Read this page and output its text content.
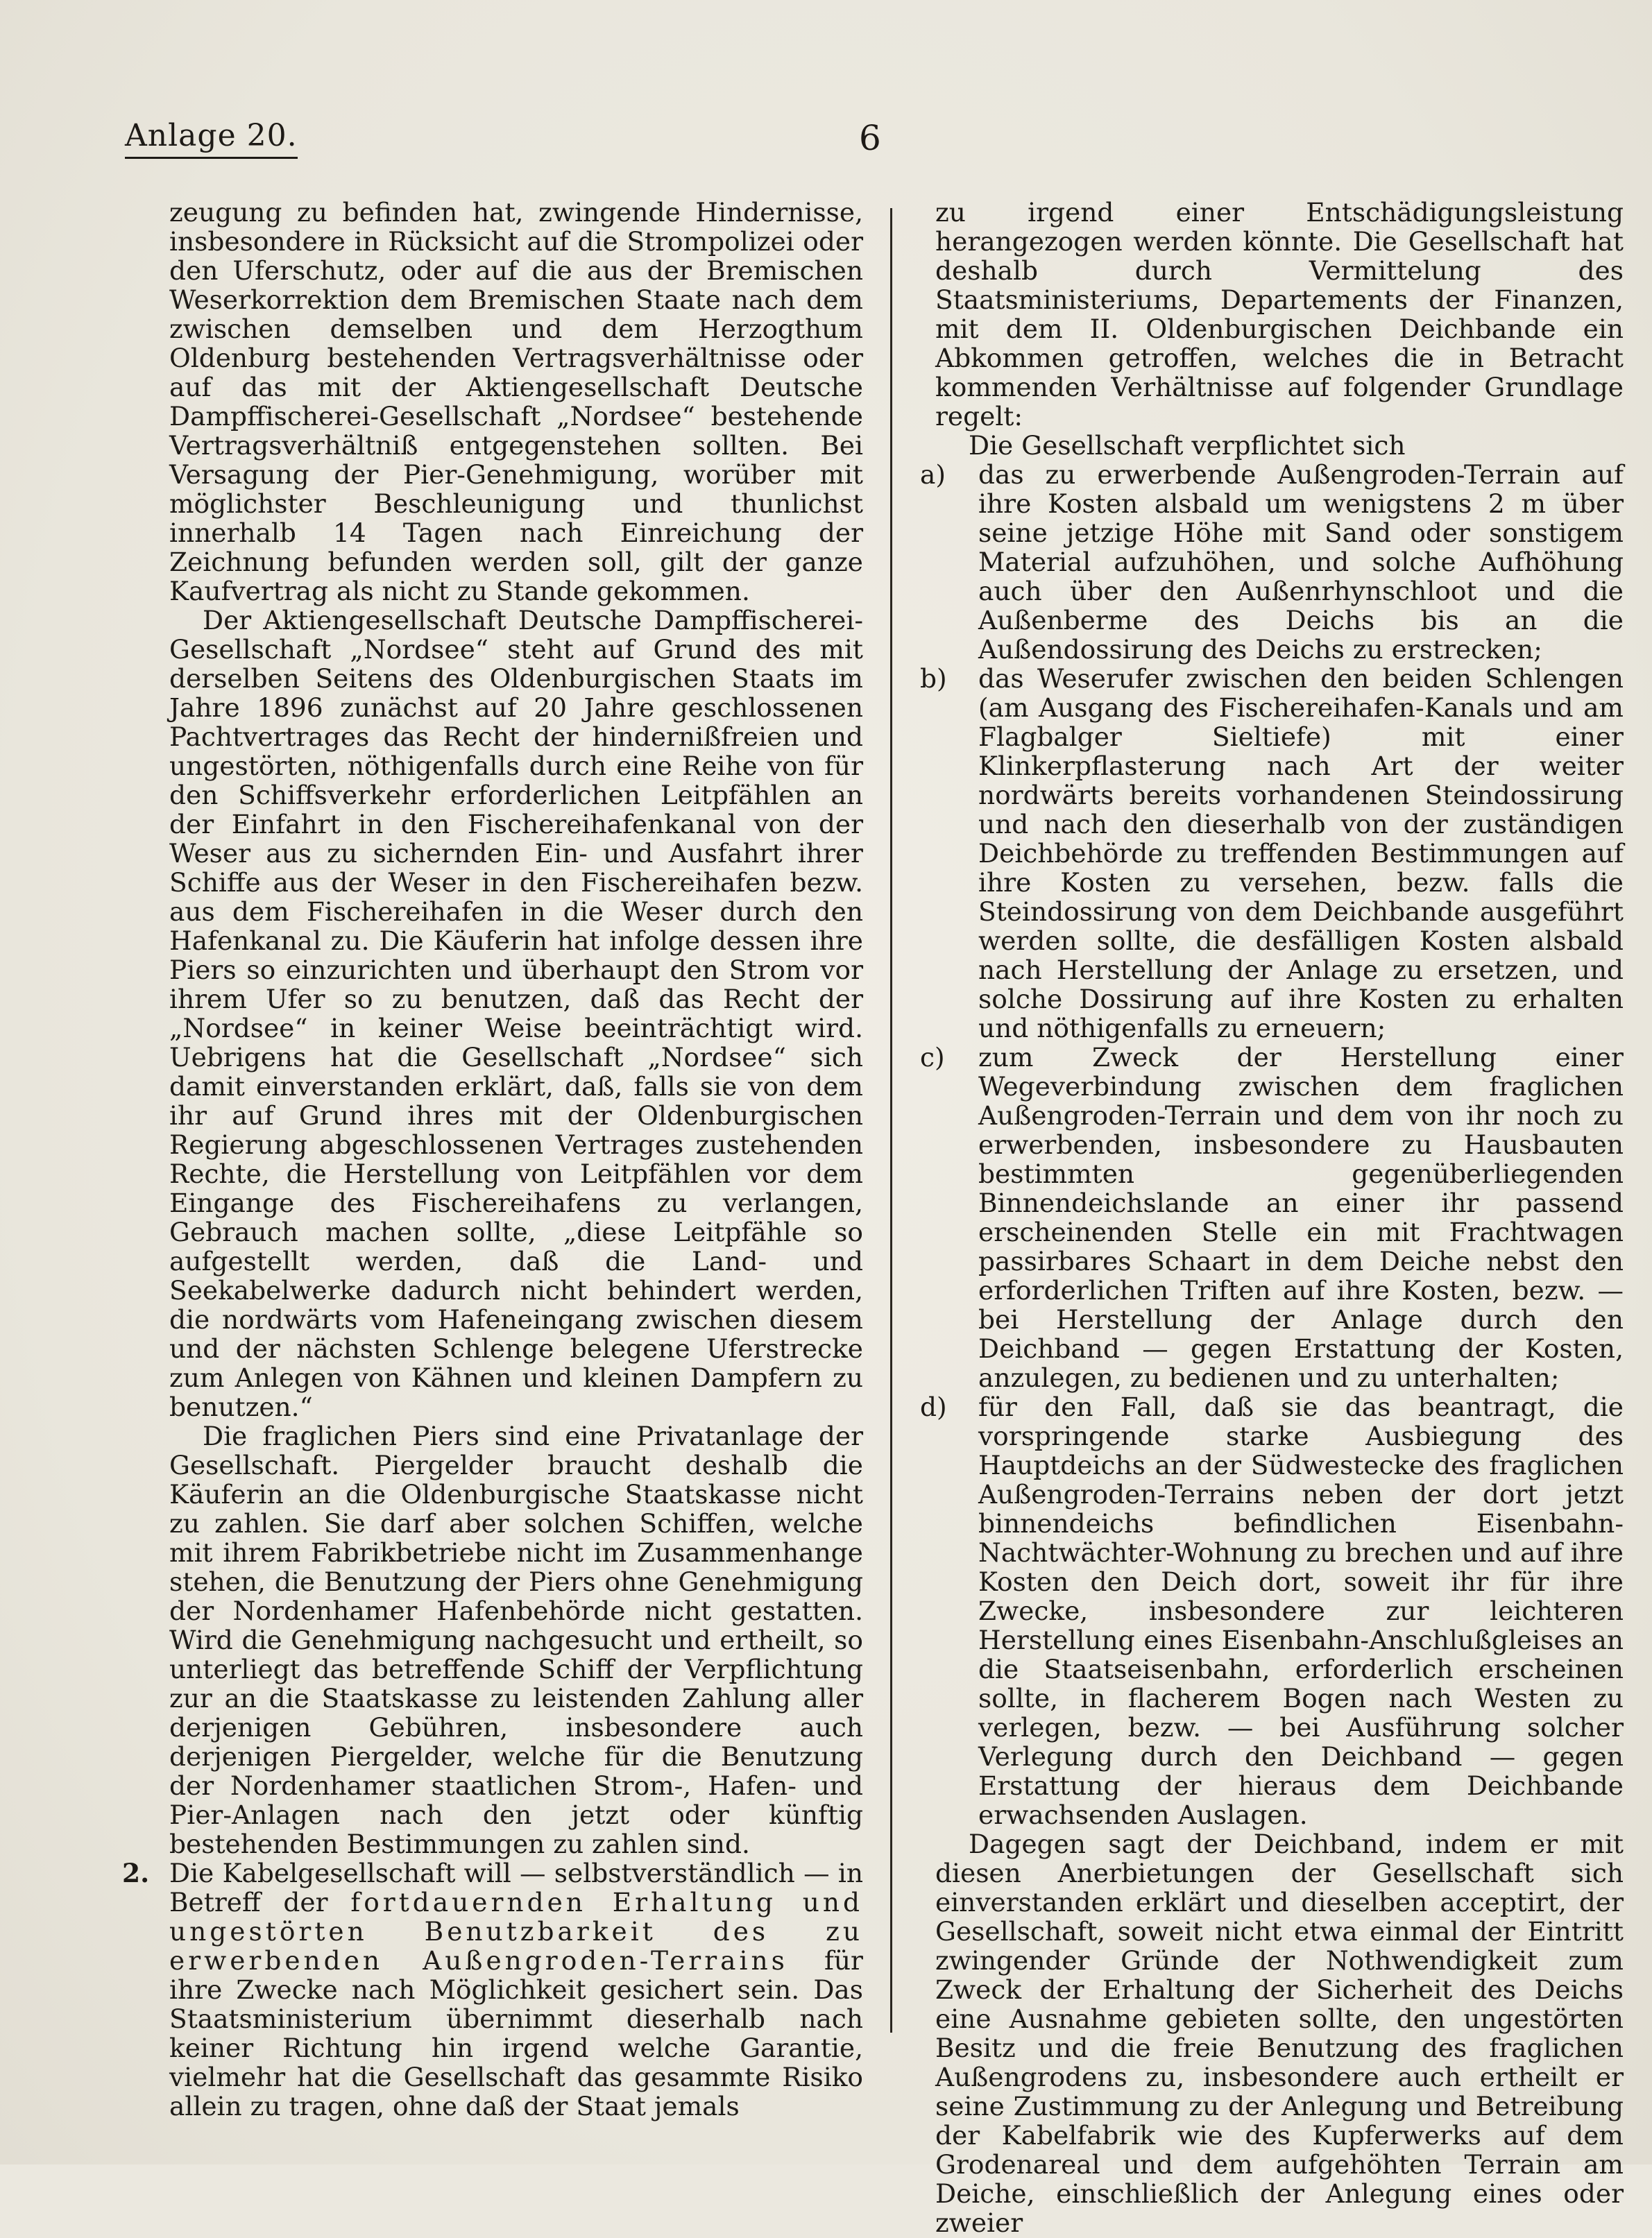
Anlage 20.	6

zeugung zu befinden hat, zwingende Hindernisse, insbesondere in Rücksicht auf die Strompolizei oder den Uferschutz, oder auf die aus der Bremischen Weserkorrektion dem Bremischen Staate nach dem zwischen demselben und dem Herzogthum Oldenburg bestehenden Vertragsverhältnisse oder auf das mit der Aktiengesellschaft Deutsche Dampffischerei-Gesellschaft „Nordsee“ bestehende Vertragsverhältniß entgegenstehen sollten. Bei Versagung der Pier-Genehmigung, worüber mit möglichster Beschleunigung und thunlichst innerhalb 14 Tagen nach Einreichung der Zeichnung befunden werden soll, gilt der ganze Kaufvertrag als nicht zu Stande gekommen.

Der Aktiengesellschaft Deutsche Dampffischerei-Gesellschaft „Nordsee“ steht auf Grund des mit derselben Seitens des Oldenburgischen Staats im Jahre 1896 zunächst auf 20 Jahre geschlossenen Pachtvertrages das Recht der hindernißfreien und ungestörten, nöthigenfalls durch eine Reihe von für den Schiffsverkehr erforderlichen Leitpfählen an der Einfahrt in den Fischereihafenkanal von der Weser aus zu sichernden Ein- und Ausfahrt ihrer Schiffe aus der Weser in den Fischereihafen bezw. aus dem Fischereihafen in die Weser durch den Hafenkanal zu. Die Käuferin hat infolge dessen ihre Piers so einzurichten und überhaupt den Strom vor ihrem Ufer so zu benutzen, daß das Recht der „Nordsee“ in keiner Weise beeinträchtigt wird. Uebrigens hat die Gesellschaft „Nordsee“ sich damit einverstanden erklärt, daß, falls sie von dem ihr auf Grund ihres mit der Oldenburgischen Regierung abgeschlossenen Vertrages zustehenden Rechte, die Herstellung von Leitpfählen vor dem Eingange des Fischereihafens zu verlangen, Gebrauch machen sollte, „diese Leitpfähle so aufgestellt werden, daß die Land- und Seekabelwerke dadurch nicht behindert werden, die nordwärts vom Hafeneingang zwischen diesem und der nächsten Schlenge belegene Uferstrecke zum Anlegen von Kähnen und kleinen Dampfern zu benutzen.“

Die fraglichen Piers sind eine Privatanlage der Gesellschaft. Piergelder braucht deshalb die Käuferin an die Oldenburgische Staatskasse nicht zu zahlen. Sie darf aber solchen Schiffen, welche mit ihrem Fabrikbetriebe nicht im Zusammenhange stehen, die Benutzung der Piers ohne Genehmigung der Nordenhamer Hafenbehörde nicht gestatten. Wird die Genehmigung nachgesucht und ertheilt, so unterliegt das betreffende Schiff der Verpflichtung zur an die Staatskasse zu leistenden Zahlung aller derjenigen Gebühren, insbesondere auch derjenigen Piergelder, welche für die Benutzung der Nordenhamer staatlichen Strom-, Hafen- und Pier-Anlagen nach den jetzt oder künftig bestehenden Bestimmungen zu zahlen sind.

2. Die Kabelgesellschaft will — selbstverständlich — in Betreff der fortdauernden Erhaltung und ungestörten Benutzbarkeit des zu erwerbenden Außengroden-Terrains für ihre Zwecke nach Möglichkeit gesichert sein. Das Staatsministerium übernimmt dieserhalb nach keiner Richtung hin irgend welche Garantie, vielmehr hat die Gesellschaft das gesammte Risiko allein zu tragen, ohne daß der Staat jemals

zu irgend einer Entschädigungsleistung herangezogen werden könnte. Die Gesellschaft hat deshalb durch Vermittelung des Staatsministeriums, Departements der Finanzen, mit dem II. Oldenburgischen Deichbande ein Abkommen getroffen, welches die in Betracht kommenden Verhältnisse auf folgender Grundlage regelt:

Die Gesellschaft verpflichtet sich

a) das zu erwerbende Außengroden-Terrain auf ihre Kosten alsbald um wenigstens 2 m über seine jetzige Höhe mit Sand oder sonstigem Material aufzuhöhen, und solche Aufhöhung auch über den Außenrhynschloot und die Außenberme des Deichs bis an die Außendossirung des Deichs zu erstrecken;

b) das Weserufer zwischen den beiden Schlengen (am Ausgang des Fischereihafen-Kanals und am Flagbalger Sieltiefe) mit einer Klinkerpflasterung nach Art der weiter nordwärts bereits vorhandenen Steindossirung und nach den dieserhalb von der zuständigen Deichbehörde zu treffenden Bestimmungen auf ihre Kosten zu versehen, bezw. falls die Steindossirung von dem Deichbande ausgeführt werden sollte, die desfälligen Kosten alsbald nach Herstellung der Anlage zu ersetzen, und solche Dossirung auf ihre Kosten zu erhalten und nöthigenfalls zu erneuern;

c) zum Zweck der Herstellung einer Wegeverbindung zwischen dem fraglichen Außengroden-Terrain und dem von ihr noch zu erwerbenden, insbesondere zu Hausbauten bestimmten gegenüberliegenden Binnendeichslande an einer ihr passend erscheinenden Stelle ein mit Frachtwagen passirbares Schaart in dem Deiche nebst den erforderlichen Triften auf ihre Kosten, bezw. — bei Herstellung der Anlage durch den Deichband — gegen Erstattung der Kosten, anzulegen, zu bedienen und zu unterhalten;

d) für den Fall, daß sie das beantragt, die vorspringende starke Ausbiegung des Hauptdeichs an der Südwestecke des fraglichen Außengroden-Terrains neben der dort jetzt binnendeichs befindlichen Eisenbahn-Nachtwächter-Wohnung zu brechen und auf ihre Kosten den Deich dort, soweit ihr für ihre Zwecke, insbesondere zur leichteren Herstellung eines Eisenbahn-Anschlußgleises an die Staatseisenbahn, erforderlich erscheinen sollte, in flacherem Bogen nach Westen zu verlegen, bezw. — bei Ausführung solcher Verlegung durch den Deichband — gegen Erstattung der hieraus dem Deichbande erwachsenden Auslagen.

Dagegen sagt der Deichband, indem er mit diesen Anerbietungen der Gesellschaft sich einverstanden erklärt und dieselben acceptirt, der Gesellschaft, soweit nicht etwa einmal der Eintritt zwingender Gründe der Nothwendigkeit zum Zweck der Erhaltung der Sicherheit des Deichs eine Ausnahme gebieten sollte, den ungestörten Besitz und die freie Benutzung des fraglichen Außengrodens zu, insbesondere auch ertheilt er seine Zustimmung zu der Anlegung und Betreibung der Kabelfabrik wie des Kupferwerks auf dem Grodenareal und dem aufgehöhten Terrain am Deiche, einschließlich der Anlegung eines oder zweier
